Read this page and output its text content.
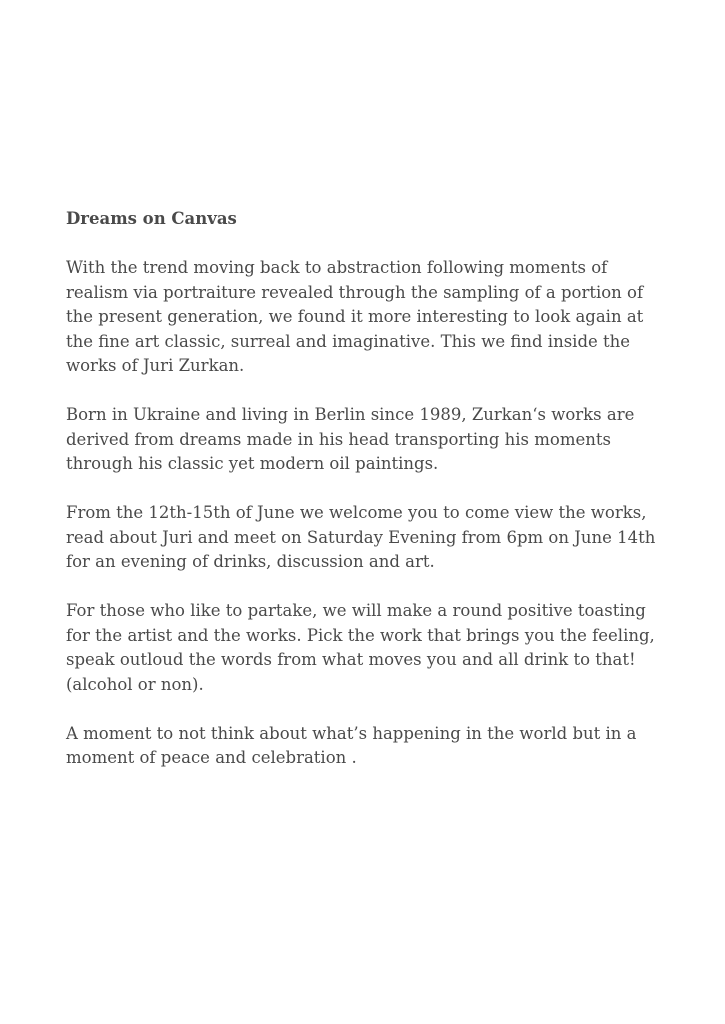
Dreams on Canvas
With the trend moving back to abstraction following moments of
realism via portraiture revealed through the sampling of a portion of
the present generation, we found it more interesting to look again at
the fine art classic, surreal and imaginative. This we find inside the
works of Juri Zurkan.
Born in Ukraine and living in Berlin since 1989, Zurkan‘s works are
derived from dreams made in his head transporting his moments
through his classic yet modern oil paintings.
From the 12th-15th of June we welcome you to come view the works,
read about Juri and meet on Saturday Evening from 6pm on June 14th
for an evening of drinks, discussion and art.
For those who like to partake, we will make a round positive toasting
for the artist and the works. Pick the work that brings you the feeling,
speak outloud the words from what moves you and all drink to that!
(alcohol or non).
A moment to not think about what’s happening in the world but in a
moment of peace and celebration .
